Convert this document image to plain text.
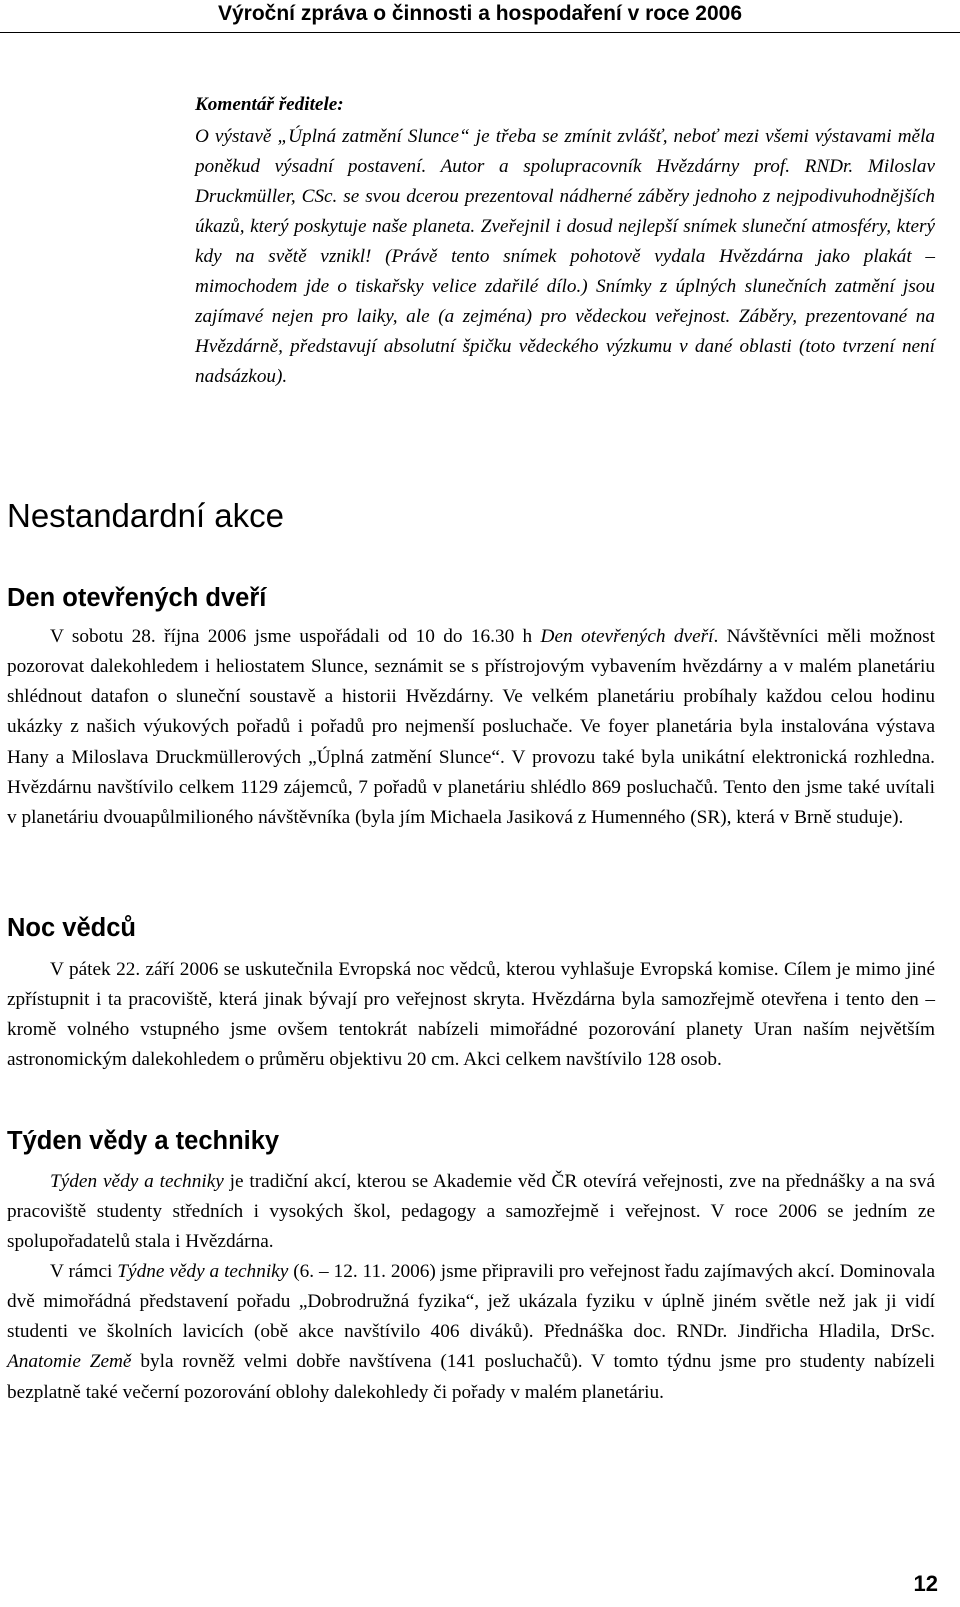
Výroční zpráva o činnosti a hospodaření v roce 2006
Komentář ředitele:
O výstavě „Úplná zatmění Slunce“ je třeba se zmínit zvlášť, neboť mezi všemi výstavami měla poněkud výsadní postavení. Autor a spolupracovník Hvězdárny prof. RNDr. Miloslav Druckmüller, CSc. se svou dcerou prezentoval nádherné záběry jednoho z nejpodivuhodnějších úkazů, který poskytuje naše planeta. Zveřejnil i dosud nejlepší snímek sluneční atmosféry, který kdy na světě vznikl! (Právě tento snímek pohotově vydala Hvězdárna jako plakát – mimochodem jde o tiskařsky velice zdařilé dílo.) Snímky z úplných slunečních zatmění jsou zajímavé nejen pro laiky, ale (a zejména) pro vědeckou veřejnost. Záběry, prezentované na Hvězdárně, představují absolutní špičku vědeckého výzkumu v dané oblasti (toto tvrzení není nadsázkou).
Nestandardní akce
Den otevřených dveří

V sobotu 28. října 2006 jsme uspořádali od 10 do 16.30 h Den otevřených dveří. Návštěvníci měli možnost pozorovat dalekohledem i heliostatem Slunce, seznámit se s přístrojovým vybavením hvězdárny a v malém planetáriu shlédnout datafon o sluneční soustavě a historii Hvězdárny. Ve velkém planetáriu probíhaly každou celou hodinu ukázky z našich výukových pořadů i pořadů pro nejmenší posluchače. Ve foyer planetária byla instalována výstava Hany a Miloslava Druckmüllerových „Úplná zatmění Slunce“. V provozu také byla unikátní elektronická rozhledna. Hvězdárnu navštívilo celkem 1129 zájemců, 7 pořadů v planetáriu shlédlo 869 posluchačů. Tento den jsme také uvítali v planetáriu dvouapůlmilioného návštěvníka (byla jím Michaela Jasiková z Humenného (SR), která v Brně studuje).

Noc vědců

V pátek 22. září 2006 se uskutečnila Evropská noc vědců, kterou vyhlašuje Evropská komise. Cílem je mimo jiné zpřístupnit i ta pracoviště, která jinak bývají pro veřejnost skryta. Hvězdárna byla samozřejmě otevřena i tento den – kromě volného vstupného jsme ovšem tentokrát nabízeli mimořádné pozorování planety Uran naším největším astronomickým dalekohledem o průměru objektivu 20 cm. Akci celkem navštívilo 128 osob.

Týden vědy a techniky

Týden vědy a techniky je tradiční akcí, kterou se Akademie věd ČR otevírá veřejnosti, zve na přednášky a na svá pracoviště studenty středních i vysokých škol, pedagogy a samozřejmě i veřejnost. V roce 2006 se jedním ze spolupořadatelů stala i Hvězdárna.

V rámci Týdne vědy a techniky (6. – 12. 11. 2006) jsme připravili pro veřejnost řadu zajímavých akcí. Dominovala dvě mimořádná představení pořadu „Dobrodružná fyzika“, jež ukázala fyziku v úplně jiném světle než jak ji vidí studenti ve školních lavicích (obě akce navštívilo 406 diváků). Přednáška doc. RNDr. Jindřicha Hladila, DrSc. Anatomie Země byla rovněž velmi dobře navštívena (141 posluchačů). V tomto týdnu jsme pro studenty nabízeli bezplatně také večerní pozorování oblohy dalekohledy či pořady v malém planetáriu.

12
